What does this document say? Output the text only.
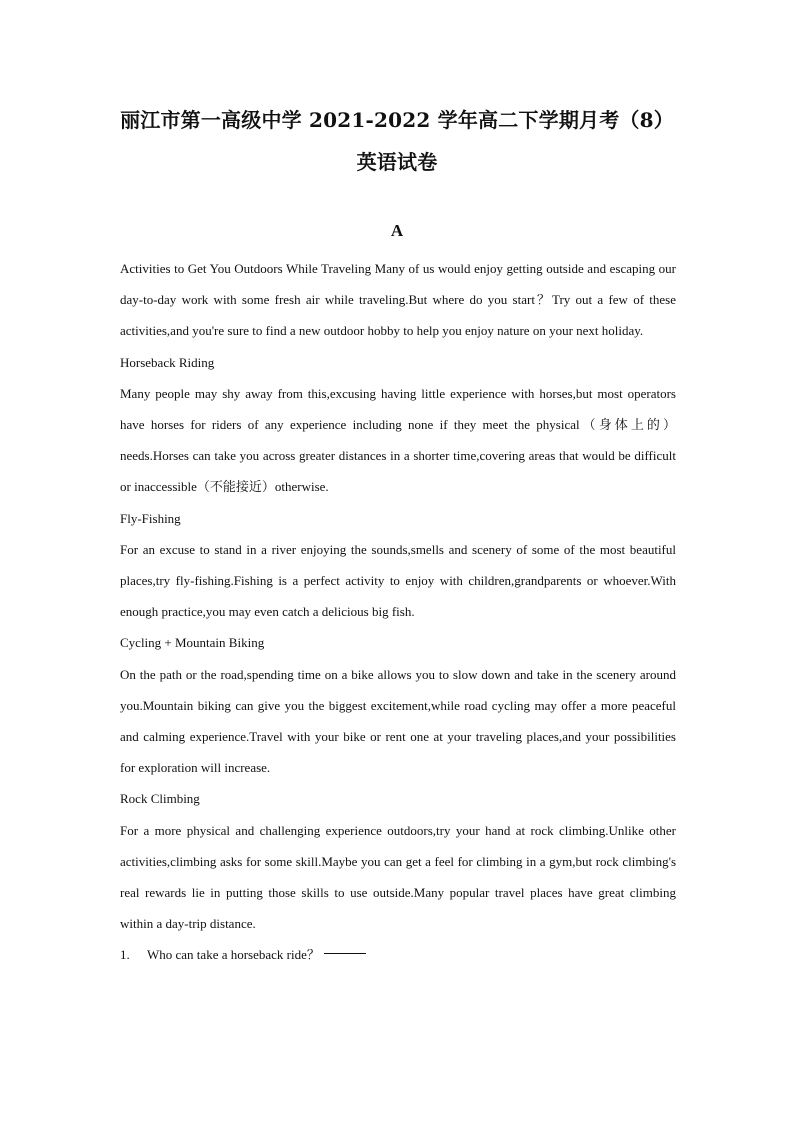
丽江市第一高级中学 2021-2022 学年高二下学期月考（8）
英语试卷
A

Activities to Get You Outdoors While Traveling Many of us would enjoy getting outside and escaping our day-to-day work with some fresh air while traveling.But where do you start？Try out a few of these activities,and you're sure to find a new outdoor hobby to help you enjoy nature on your next holiday.

Horseback Riding

Many people may shy away from this,excusing having little experience with horses,but most operators have horses for riders of any experience including none if they meet the physical（身体上的）needs.Horses can take you across greater distances in a shorter time,covering areas that would be difficult or inaccessible（不能接近）otherwise.

Fly-Fishing

For an excuse to stand in a river enjoying the sounds,smells and scenery of some of the most beautiful places,try fly-fishing.Fishing is a perfect activity to enjoy with children,grandparents or whoever.With enough practice,you may even catch a delicious big fish.

Cycling + Mountain Biking

On the path or the road,spending time on a bike allows you to slow down and take in the scenery around you.Mountain biking can give you the biggest excitement,while road cycling may offer a more peaceful and calming experience.Travel with your bike or rent one at your traveling places,and your possibilities for exploration will increase.

Rock Climbing

For a more physical and challenging experience outdoors,try your hand at rock climbing.Unlike other activities,climbing asks for some skill.Maybe you can get a feel for climbing in a gym,but rock climbing's real rewards lie in putting those skills to use outside.Many popular travel places have great climbing within a day-trip distance.

1.	Who can take a horseback ride？
